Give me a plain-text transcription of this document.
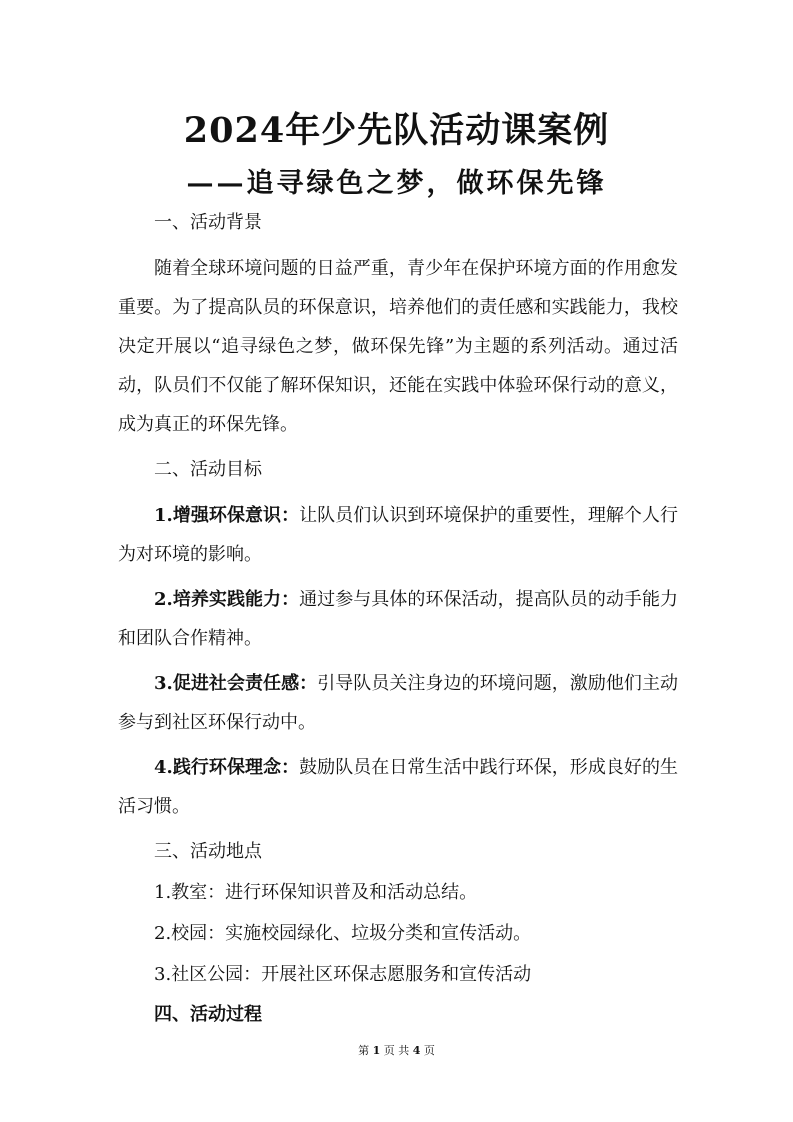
2024年少先队活动课案例
——追寻绿色之梦，做环保先锋
一、活动背景
随着全球环境问题的日益严重，青少年在保护环境方面的作用愈发重要。为了提高队员的环保意识，培养他们的责任感和实践能力，我校决定开展以“追寻绿色之梦，做环保先锋”为主题的系列活动。通过活动，队员们不仅能了解环保知识，还能在实践中体验环保行动的意义，成为真正的环保先锋。
二、活动目标
1.增强环保意识：让队员们认识到环境保护的重要性，理解个人行为对环境的影响。
2.培养实践能力：通过参与具体的环保活动，提高队员的动手能力和团队合作精神。
3.促进社会责任感：引导队员关注身边的环境问题，激励他们主动参与到社区环保行动中。
4.践行环保理念：鼓励队员在日常生活中践行环保，形成良好的生活习惯。
三、活动地点
1.教室：进行环保知识普及和活动总结。
2.校园：实施校园绿化、垃圾分类和宣传活动。
3.社区公园：开展社区环保志愿服务和宣传活动
四、活动过程
第 1 页 共 4 页
